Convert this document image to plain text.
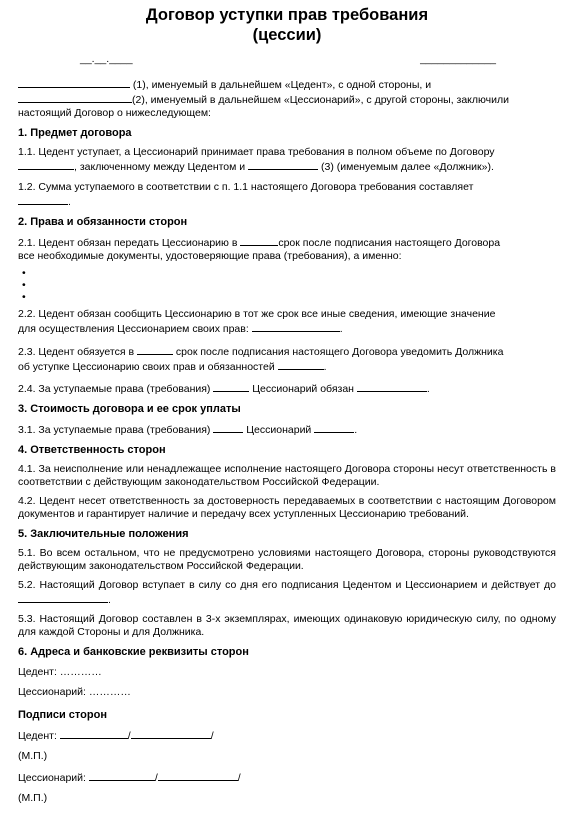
Договор уступки прав требования
(цессии)
__.__.____	_____________

(1), именуемый в дальнейшем «Цедент», с одной стороны, и

(2), именуемый в дальнейшем «Цессионарий», с другой стороны, заключили

настоящий Договор о нижеследующем:

1. Предмет договора

1.1. Цедент уступает, а Цессионарий принимает права требования в полном объеме по Договору
, заключенному между Цедентом и	(3) (именуемым далее «Должник»).

1.2. Сумма уступаемого в соответствии с п. 1.1 настоящего Договора требования составляет
.

2. Права и обязанности сторон

2.1. Цедент обязан передать Цессионарию в	срок после подписания настоящего Договора
все необходимые документы, удостоверяющие права (требования), а именно:

•

•

•

2.2. Цедент обязан сообщить Цессионарию в тот же срок все иные сведения, имеющие значение
для осуществления Цессионарием своих прав:	.

2.3. Цедент обязуется в	срок после подписания настоящего Договора уведомить Должника
об уступке Цессионарию своих прав и обязанностей	.

2.4. За уступаемые права (требования)	Цессионарий обязан	.

3. Стоимость договора и ее срок уплаты

3.1. За уступаемые права (требования)	Цессионарий	.

4. Ответственность сторон

4.1. За неисполнение или ненадлежащее исполнение настоящего Договора стороны несут ответственность в соответствии с действующим законодательством Российской Федерации.

4.2. Цедент несет ответственность за достоверность передаваемых в соответствии с настоящим Договором документов и гарантирует наличие и передачу всех уступленных Цессионарию требований.

5. Заключительные положения

5.1. Во всем остальном, что не предусмотрено условиями настоящего Договора, стороны руководствуются действующим законодательством Российской Федерации.

5.2. Настоящий Договор вступает в силу со дня его подписания Цедентом и Цессионарием и действует до .

5.3. Настоящий Договор составлен в 3-х экземплярах, имеющих одинаковую юридическую силу, по одному для каждой Стороны и для Должника.

6. Адреса и банковские реквизиты сторон

Цедент: …………

Цессионарий: …………

Подписи сторон

Цедент:	/	/

(М.П.)

Цессионарий:	/	/

(М.П.)
